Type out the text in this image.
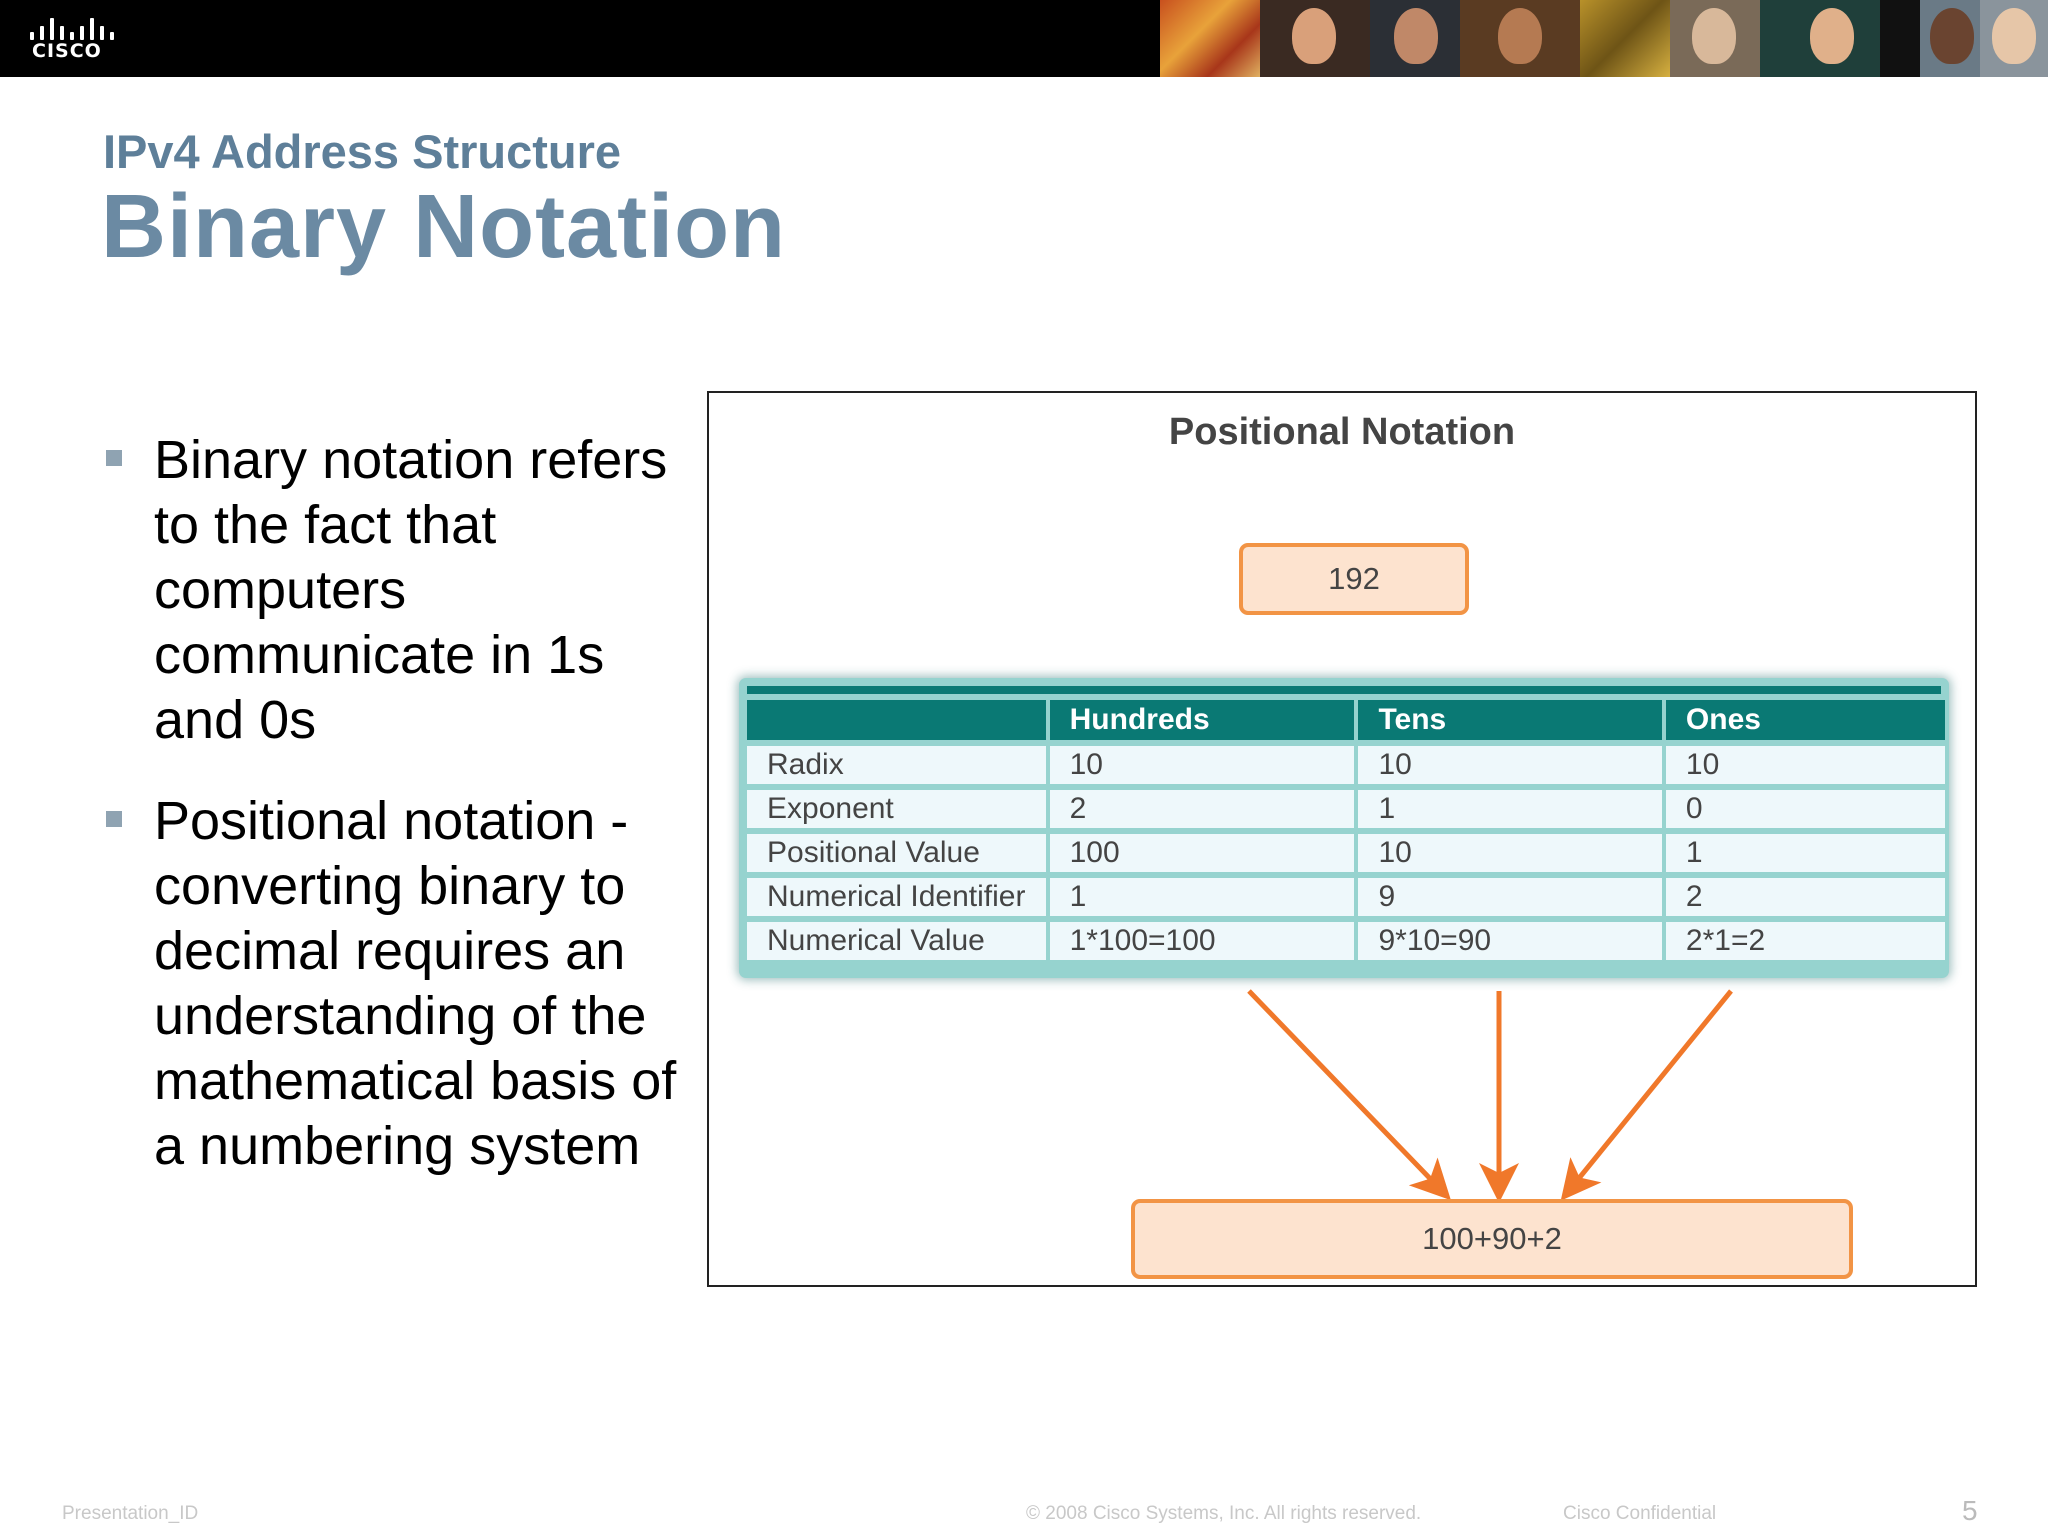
CISCO
IPv4 Address Structure
Binary Notation
Binary notation refers to the fact that computers communicate in 1s and 0s
Positional notation - converting binary to decimal requires an understanding of the mathematical basis of a numbering system
Positional Notation
192
	Hundreds	Tens	Ones
Radix	10	10	10
Exponent	2	1	0
Positional Value	100	10	1
Numerical Identifier	1	9	2
Numerical Value	1*100=100	9*10=90	2*1=2
100+90+2
Presentation_ID	© 2008 Cisco Systems, Inc. All rights reserved.	Cisco Confidential	5
